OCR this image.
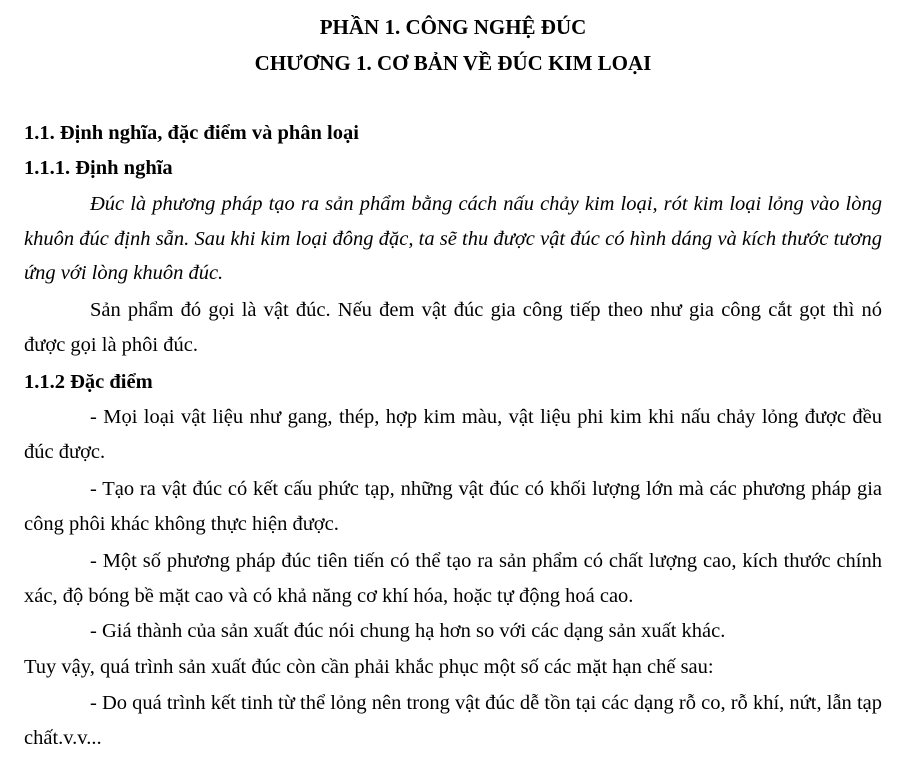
PHẦN 1. CÔNG NGHỆ ĐÚC
CHƯƠNG 1. CƠ BẢN VỀ ĐÚC KIM LOẠI
1.1. Định nghĩa, đặc điểm và phân loại
1.1.1. Định nghĩa

Đúc là phương pháp tạo ra sản phẩm bằng cách nấu chảy kim loại, rót kim loại lỏng vào lòng khuôn đúc định sẵn. Sau khi kim loại đông đặc, ta sẽ thu được vật đúc có hình dáng và kích thước tương ứng với lòng khuôn đúc.

Sản phẩm đó gọi là vật đúc. Nếu đem vật đúc gia công tiếp theo như gia công cắt gọt thì nó được gọi là phôi đúc.

1.1.2 Đặc điểm

- Mọi loại vật liệu như gang, thép, hợp kim màu, vật liệu phi kim khi nấu chảy lỏng được đều đúc được.

- Tạo ra vật đúc có kết cấu phức tạp, những vật đúc có khối lượng lớn mà các phương pháp gia công phôi khác không thực hiện được.

- Một số phương pháp đúc tiên tiến có thể tạo ra sản phẩm có chất lượng cao, kích thước chính xác, độ bóng bề mặt cao và có khả năng cơ khí hóa, hoặc tự động hoá cao.

- Giá thành của sản xuất đúc nói chung hạ hơn so với các dạng sản xuất khác.

Tuy vậy, quá trình sản xuất đúc còn cần phải khắc phục một số các mặt hạn chế sau:

- Do quá trình kết tinh từ thể lỏng nên trong vật đúc dễ tồn tại các dạng rỗ co, rỗ khí, nứt, lẫn tạp chất.v.v...
